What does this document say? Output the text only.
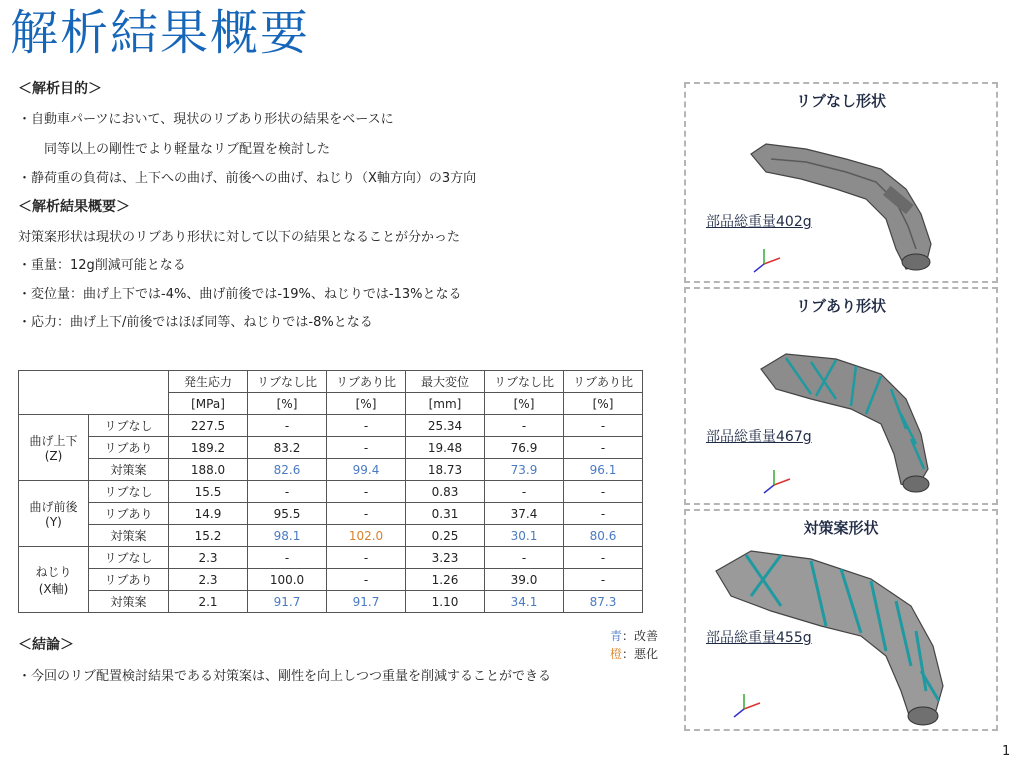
解析結果概要
＜解析目的＞
・自動車パーツにおいて、現状のリブあり形状の結果をベースに
同等以上の剛性でより軽量なリブ配置を検討した
・静荷重の負荷は、上下への曲げ、前後への曲げ、ねじり（X軸方向）の3方向
＜解析結果概要＞
対策案形状は現状のリブあり形状に対して以下の結果となることが分かった
・重量：12g削減可能となる
・変位量：曲げ上下では-4%、曲げ前後では-19%、ねじりでは-13%となる
・応力：曲げ上下/前後ではほぼ同等、ねじりでは-8%となる
		発生応力	リブなし比	リブあり比	最大変位	リブなし比	リブあり比
		[MPa]	[%]	[%]	[mm]	[%]	[%]
曲げ上下
(Z)	リブなし	227.5	-	-	25.34	-	-
	リブあり	189.2	83.2	-	19.48	76.9	-
	対策案	188.0	82.6	99.4	18.73	73.9	96.1
曲げ前後
(Y)	リブなし	15.5	-	-	0.83	-	-
	リブあり	14.9	95.5	-	0.31	37.4	-
	対策案	15.2	98.1	102.0	0.25	30.1	80.6
ねじり
(X軸)	リブなし	2.3	-	-	3.23	-	-
	リブあり	2.3	100.0	-	1.26	39.0	-
	対策案	2.1	91.7	91.7	1.10	34.1	87.3
青：改善
橙：悪化
＜結論＞
・今回のリブ配置検討結果である対策案は、剛性を向上しつつ重量を削減することができる
リブなし形状
部品総重量402g
リブあり形状
部品総重量467g
対策案形状
部品総重量455g
1
